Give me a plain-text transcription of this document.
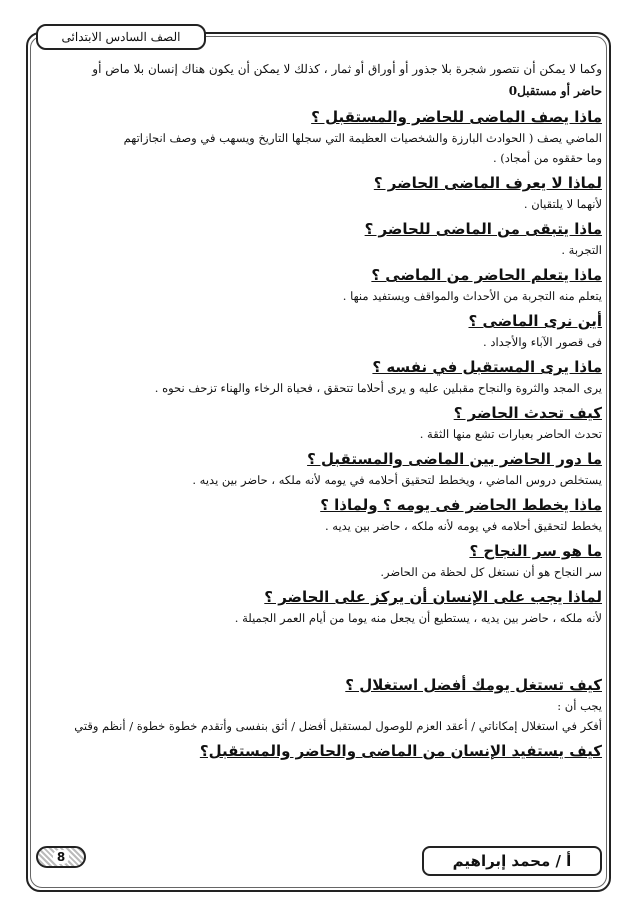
الصف السادس الابتدائى

وكما لا يمكن أن نتصور شجرة بلا جذور أو أوراق أو ثمار ، كذلك لا يمكن أن يكون هناك إنسان بلا ماض أو

حاضر أو مستقبل0

ماذا يصف الماضى للحاضر والمستقبل ؟

الماضي يصف ( الحوادث البارزة والشخصيات العظيمة التي سجلها التاريخ ويسهب في وصف انجازاتهم

وما حققوه من أمجاد) .

لماذا لا يعرف الماضى الحاضر ؟

لأنهما لا يلتقيان .

ماذا يتبقى من الماضى للحاضر ؟

التجربة .

ماذا يتعلم الحاضر من الماضى ؟

يتعلم منه التجربة من الأحداث والمواقف ويستفيد منها .

أين نرى الماضى ؟

فى قصور الآباء والأجداد .

ماذا يرى المستقبل في نفسه ؟

يرى المجد والثروة والنجاح مقبلين عليه و يرى أحلاما تتحقق ، فحياة الرخاء والهناء تزحف نحوه .

كيف تحدث الحاضر ؟

تحدث الحاضر بعبارات تشع منها الثقة .

ما دور الحاضر بين الماضى والمستقبل ؟

يستخلص دروس الماضي ، ويخطط لتحقيق أحلامه في يومه لأنه ملكه ، حاضر بين يديه .

ماذا يخطط الحاضر فى يومه ؟ ولماذا ؟

يخطط لتحقيق أحلامه في يومه لأنه ملكه ، حاضر بين يديه .

ما هو سر النجاح ؟

سر النجاح هو أن نستغل كل لحظة من الحاضر.

لماذا يجب على الإنسان أن يركز على الحاضر ؟

لأنه ملكه ، حاضر بين يديه ، يستطيع أن يجعل منه يوما من أيام العمر الجميلة .

كيف تستغل يومك أفضل استغلال ؟

يجب أن :

أفكر في استغلال إمكاناتي / أعقد العزم للوصول لمستقبل أفضل / أثق بنفسى وأتقدم خطوة خطوة / أنظم وقتي

كيف يستفيد الإنسان من الماضى والحاضر والمستقبل؟

أ / محمد إبراهيم
8
